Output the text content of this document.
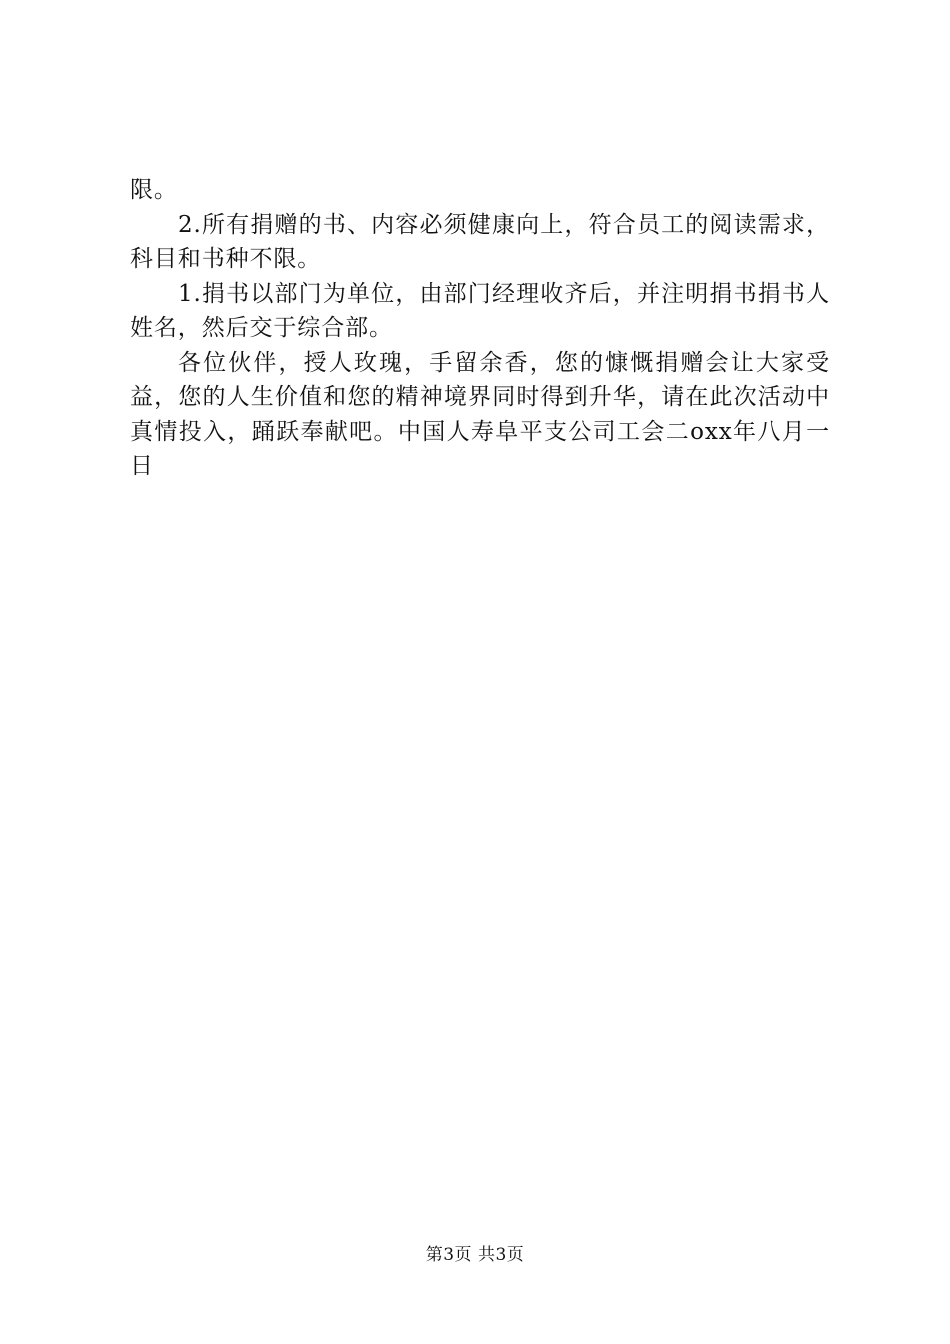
限。

2.所有捐赠的书、内容必须健康向上，符合员工的阅读需求，科目和书种不限。

1.捐书以部门为单位，由部门经理收齐后，并注明捐书捐书人姓名，然后交于综合部。

各位伙伴，授人玫瑰，手留余香，您的慷慨捐赠会让大家受益，您的人生价值和您的精神境界同时得到升华，请在此次活动中真情投入，踊跃奉献吧。中国人寿阜平支公司工会二oxx年八月一日

第3页 共3页
